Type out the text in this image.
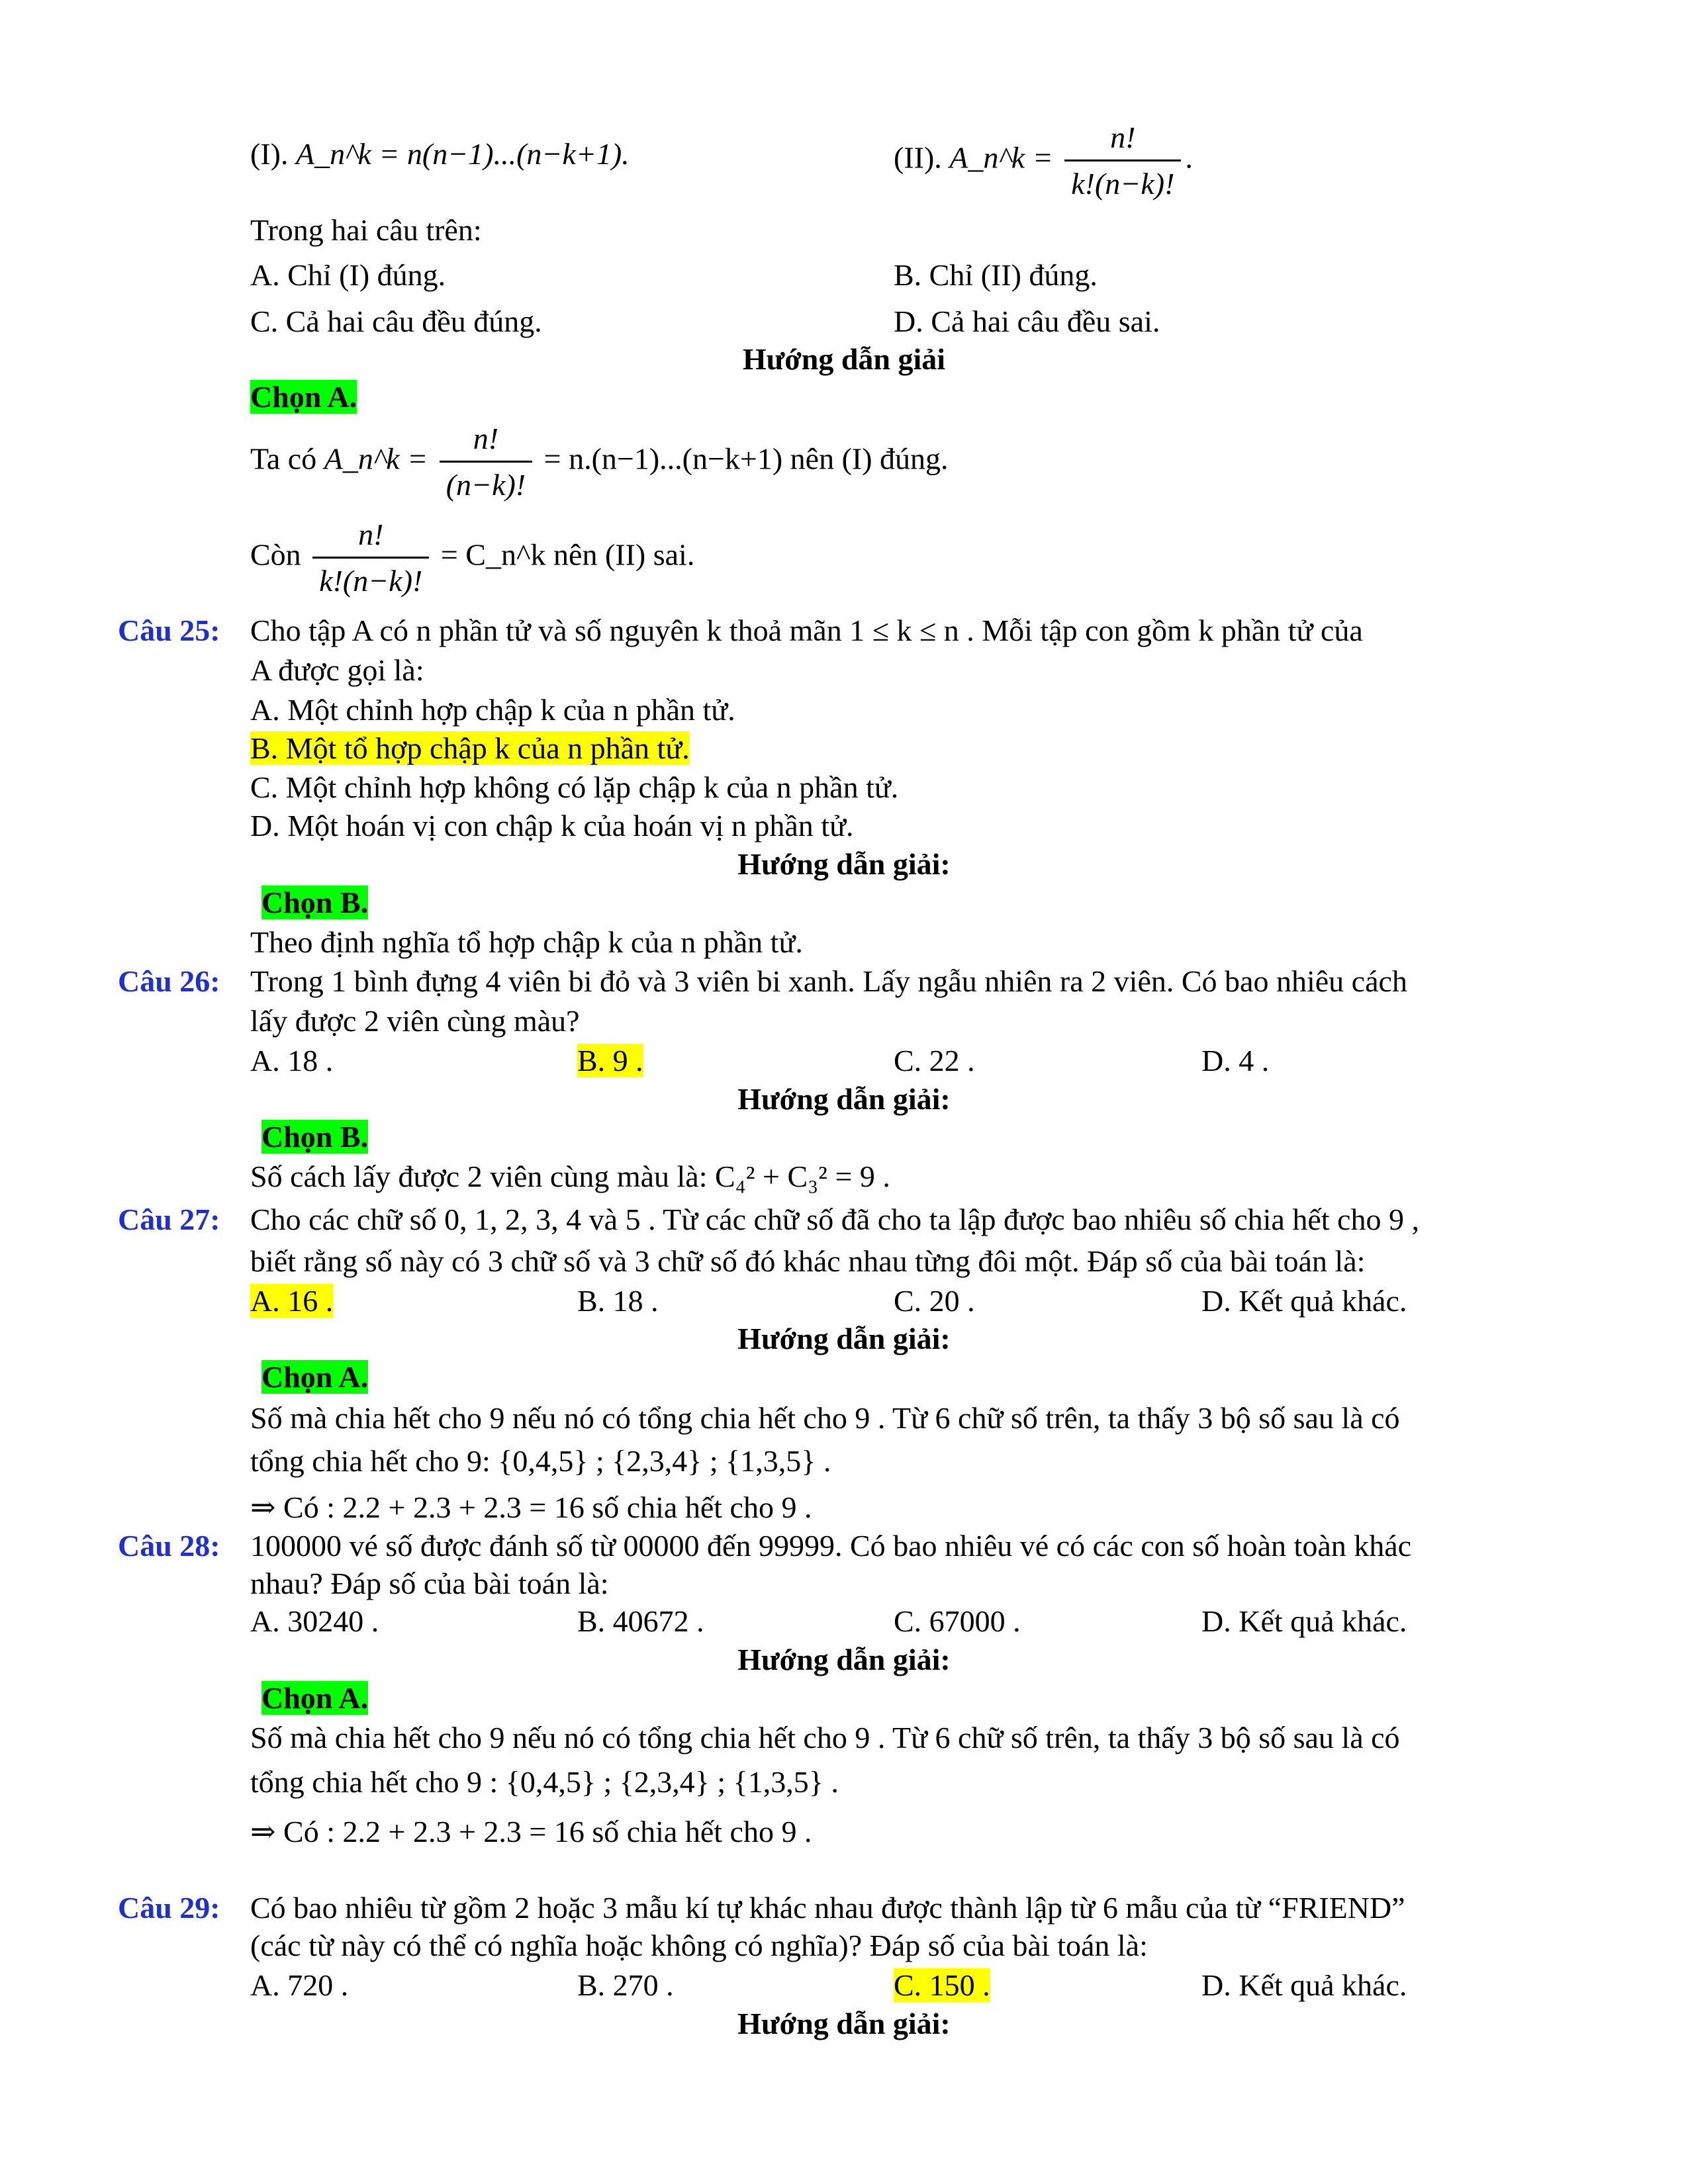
(I). A_n^k = n(n−1)...(n−k+1).	(II). A_n^k = $\frac{n!}{k!(n-k)!}$ .
Trong hai câu trên:
A. Chỉ (I) đúng.	B. Chỉ (II) đúng.
C. Cả hai câu đều đúng.	D. Cả hai câu đều sai.
Hướng dẫn giải
Chọn A.
Ta có A_n^k = $\frac{n!}{(n-k)!} = n.(n-1)...(n-k+1)$ nên (I) đúng.
Còn $\frac{n!}{k!(n-k)!}$ = C_n^k nên (II) sai.
Câu 25: Cho tập A có n phần tử và số nguyên k thoả mãn 1 ≤ k ≤ n . Mỗi tập con gồm k phần tử của
A được gọi là:
A. Một chỉnh hợp chập k của n phần tử.
B. Một tổ hợp chập k của n phần tử.
C. Một chỉnh hợp không có lặp chập k của n phần tử.
D. Một hoán vị con chập k của hoán vị n phần tử.
Hướng dẫn giải:
Chọn B.
Theo định nghĩa tổ hợp chập k của n phần tử.
Câu 26: Trong 1 bình đựng 4 viên bi đỏ và 3 viên bi xanh. Lấy ngẫu nhiên ra 2 viên. Có bao nhiêu cách
lấy được 2 viên cùng màu?
A. 18 .	B. 9 .	C. 22 .	D. 4 .
Hướng dẫn giải:
Chọn B.
Số cách lấy được 2 viên cùng màu là: C₄² + C₃² = 9 .
Câu 27: Cho các chữ số 0, 1, 2, 3, 4 và 5 . Từ các chữ số đã cho ta lập được bao nhiêu số chia hết cho 9 ,
biết rằng số này có 3 chữ số và 3 chữ số đó khác nhau từng đôi một. Đáp số của bài toán là:
A. 16 .	B. 18 .	C. 20 .	D. Kết quả khác.
Hướng dẫn giải:
Chọn A.
Số mà chia hết cho 9 nếu nó có tổng chia hết cho 9 . Từ 6 chữ số trên, ta thấy 3 bộ số sau là có
tổng chia hết cho 9: {0,4,5} ; {2,3,4} ; {1,3,5} .
⇒ Có : 2.2 + 2.3 + 2.3 = 16 số chia hết cho 9 .
Câu 28: 100000 vé số được đánh số từ 00000 đến 99999. Có bao nhiêu vé có các con số hoàn toàn khác
nhau? Đáp số của bài toán là:
A. 30240 .	B. 40672 .	C. 67000 .	D. Kết quả khác.
Hướng dẫn giải:
Chọn A.
Số mà chia hết cho 9 nếu nó có tổng chia hết cho 9 . Từ 6 chữ số trên, ta thấy 3 bộ số sau là có
tổng chia hết cho 9 : {0,4,5} ; {2,3,4} ; {1,3,5} .
⇒ Có : 2.2 + 2.3 + 2.3 = 16 số chia hết cho 9 .
Câu 29: Có bao nhiêu từ gồm 2 hoặc 3 mẫu kí tự khác nhau được thành lập từ 6 mẫu của từ “FRIEND”
(các từ này có thể có nghĩa hoặc không có nghĩa)? Đáp số của bài toán là:
A. 720 .	B. 270 .	C. 150 .	D. Kết quả khác.
Hướng dẫn giải:
